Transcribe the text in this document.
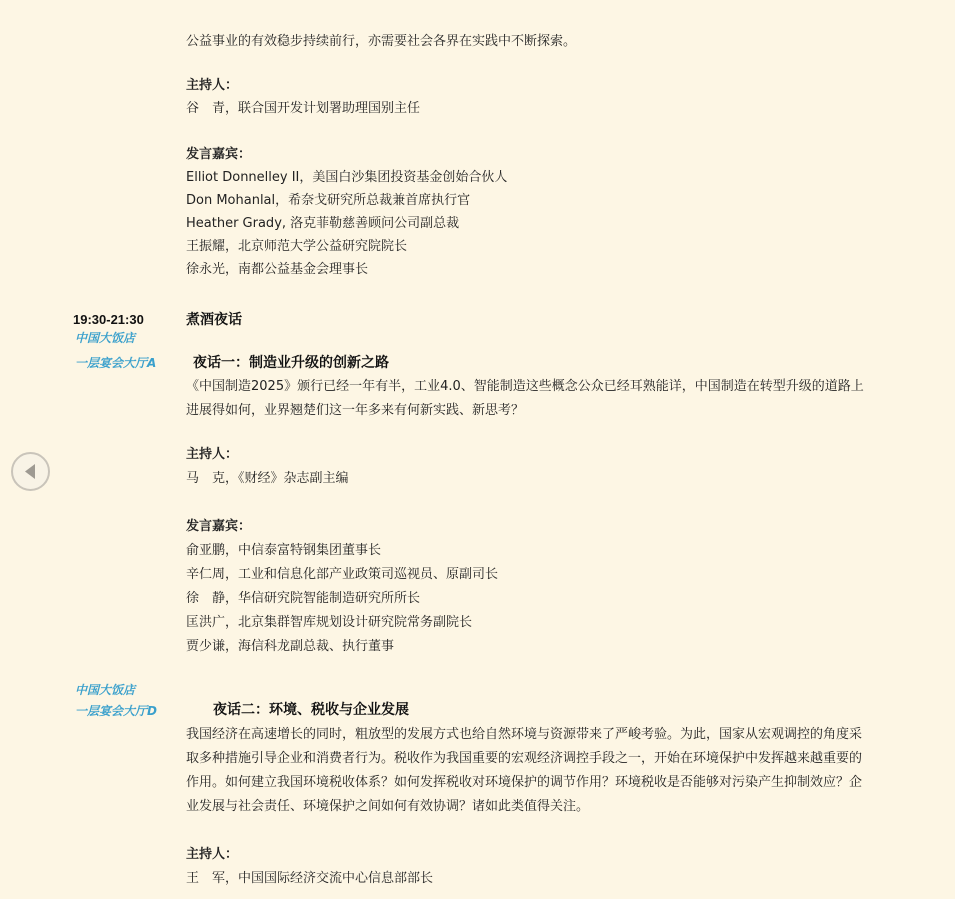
公益事业的有效稳步持续前行，亦需要社会各界在实践中不断探索。
主持人：
谷　青，联合国开发计划署助理国别主任
发言嘉宾：
Elliot Donnelley II，美国白沙集团投资基金创始合伙人
Don Mohanlal，希奈戈研究所总裁兼首席执行官
Heather Grady, 洛克菲勒慈善顾问公司副总裁
王振耀，北京师范大学公益研究院院长
徐永光，南都公益基金会理事长
19:30-21:30
中国大饭店
一层宴会大厅A
煮酒夜话
夜话一：制造业升级的创新之路
《中国制造2025》颁行已经一年有半，工业4.0、智能制造这些概念公众已经耳熟能详，中国制造在转型升级的道路上
进展得如何，业界翘楚们这一年多来有何新实践、新思考？
主持人：
马　克，《财经》杂志副主编
发言嘉宾：
俞亚鹏，中信泰富特钢集团董事长
辛仁周，工业和信息化部产业政策司巡视员、原副司长
徐　静，华信研究院智能制造研究所所长
匡洪广，北京集群智库规划设计研究院常务副院长
贾少谦，海信科龙副总裁、执行董事
中国大饭店
一层宴会大厅D	夜话二：环境、税收与企业发展
我国经济在高速增长的同时，粗放型的发展方式也给自然环境与资源带来了严峻考验。为此，国家从宏观调控的角度采
取多种措施引导企业和消费者行为。税收作为我国重要的宏观经济调控手段之一，开始在环境保护中发挥越来越重要的
作用。如何建立我国环境税收体系？如何发挥税收对环境保护的调节作用？环境税收是否能够对污染产生抑制效应？企
业发展与社会责任、环境保护之间如何有效协调？诸如此类值得关注。
主持人：
王　军，中国国际经济交流中心信息部部长
